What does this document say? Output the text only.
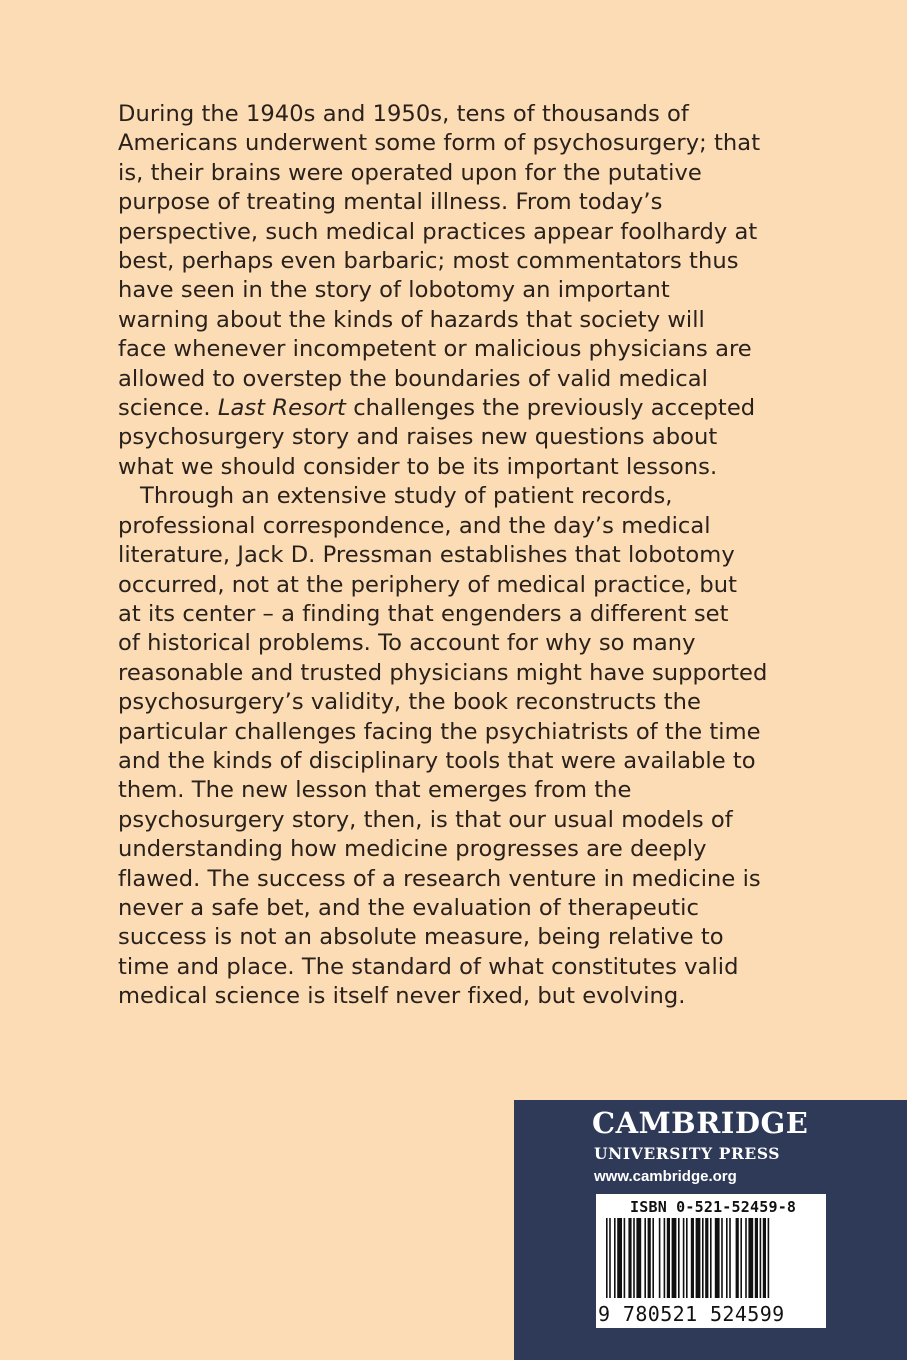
During the 1940s and 1950s, tens of thousands of
Americans underwent some form of psychosurgery; that
is, their brains were operated upon for the putative
purpose of treating mental illness. From today’s
perspective, such medical practices appear foolhardy at
best, perhaps even barbaric; most commentators thus
have seen in the story of lobotomy an important
warning about the kinds of hazards that society will
face whenever incompetent or malicious physicians are
allowed to overstep the boundaries of valid medical
science. Last Resort challenges the previously accepted
psychosurgery story and raises new questions about
what we should consider to be its important lessons.

Through an extensive study of patient records,
professional correspondence, and the day’s medical
literature, Jack D. Pressman establishes that lobotomy
occurred, not at the periphery of medical practice, but
at its center – a finding that engenders a different set
of historical problems. To account for why so many
reasonable and trusted physicians might have supported
psychosurgery’s validity, the book reconstructs the
particular challenges facing the psychiatrists of the time
and the kinds of disciplinary tools that were available to
them. The new lesson that emerges from the
psychosurgery story, then, is that our usual models of
understanding how medicine progresses are deeply
flawed. The success of a research venture in medicine is
never a safe bet, and the evaluation of therapeutic
success is not an absolute measure, being relative to
time and place. The standard of what constitutes valid
medical science is itself never fixed, but evolving.

CAMBRIDGE
UNIVERSITY PRESS
www.cambridge.org
ISBN 0-521-52459-8
9 780521 524599
